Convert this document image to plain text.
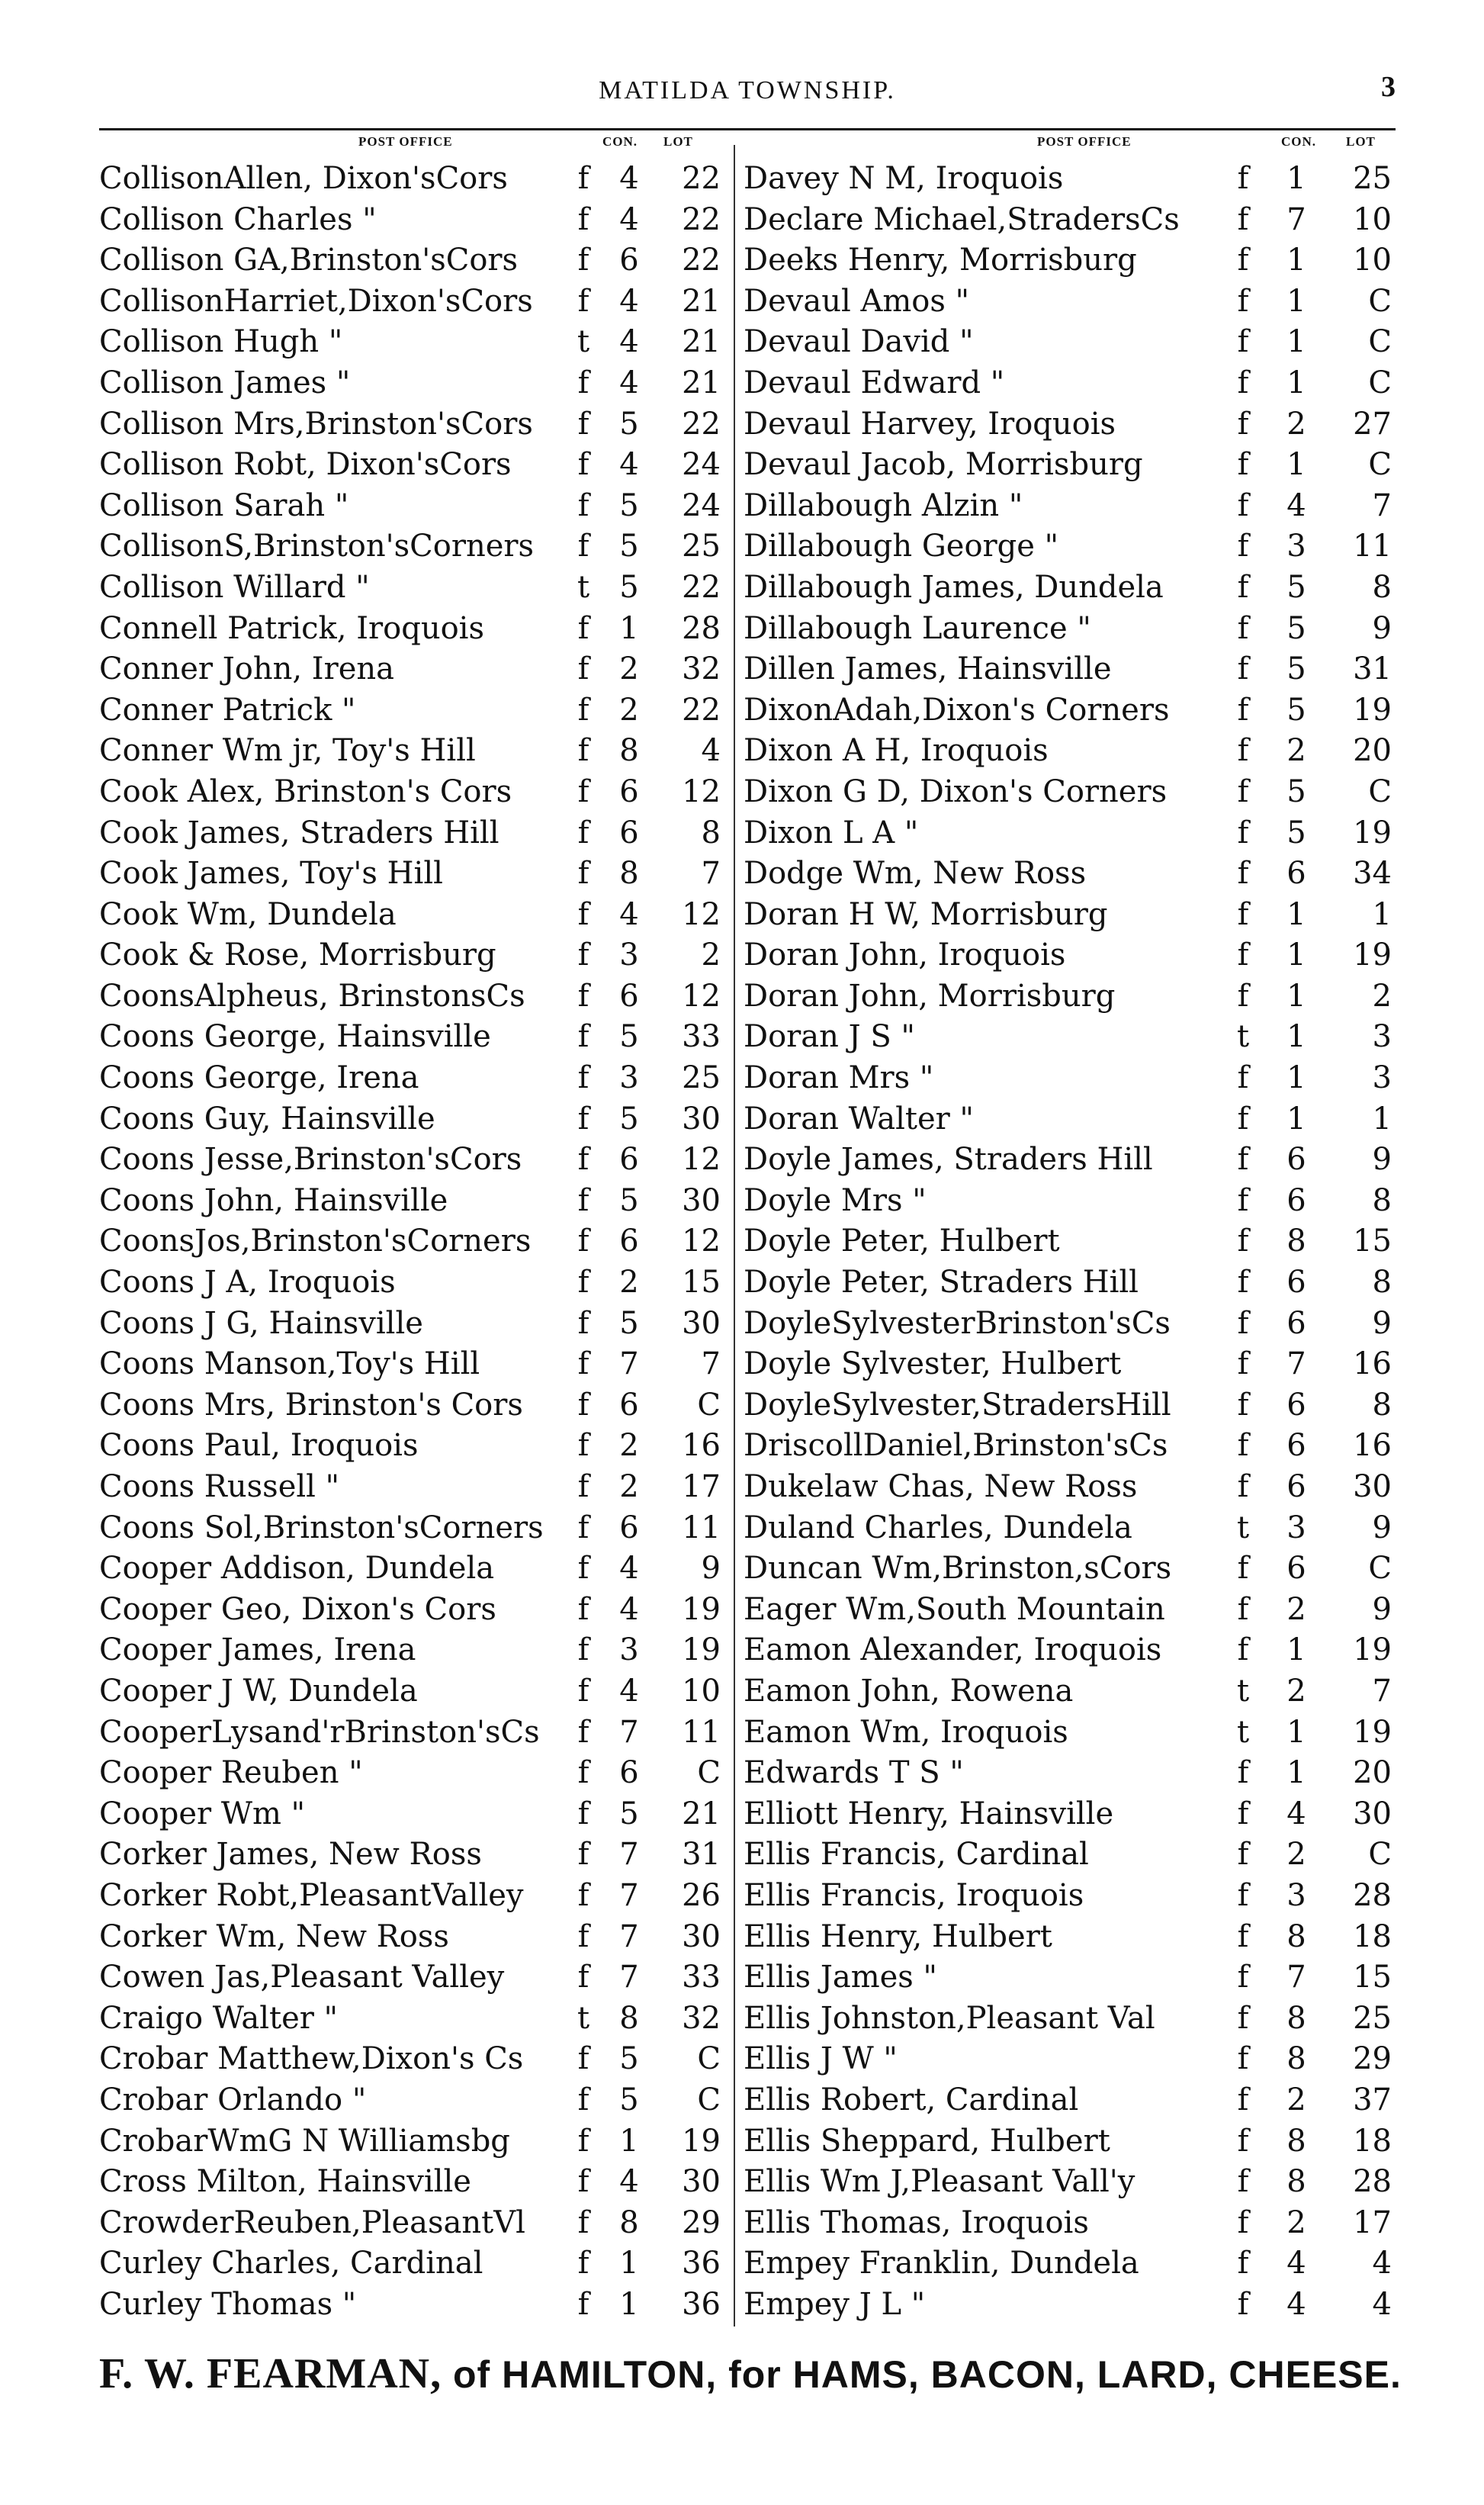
MATILDA TOWNSHIP.	3
POST OFFICE	CON. LOT	POST OFFICE	CON. LOT
CollisonAllen, Dixon'sCors	f 4	22
Collison Charles "	f 4	22
Collison GA,Brinston'sCors	f 6	22
CollisonHarriet,Dixon'sCors	f 4	21
Collison Hugh "	t 4	21
Collison James "	f 4	21
Collison Mrs,Brinston'sCors	f 5	22
Collison Robt, Dixon'sCors	f 4	24
Collison Sarah "	f 5	24
CollisonS,Brinston'sCorners	f 5	25
Collison Willard "	t 5	22
Connell Patrick, Iroquois	f 1	28
Conner John, Irena	f 2	32
Conner Patrick "	f 2	22
Conner Wm jr, Toy's Hill	f 8	4
Cook Alex, Brinston's Cors	f 6	12
Cook James, Straders Hill	f 6	8
Cook James, Toy's Hill	f 8	7
Cook Wm, Dundela	f 4	12
Cook & Rose, Morrisburg	f 3	2
CoonsAlpheus, BrinstonsCs	f 6	12
Coons George, Hainsville	f 5	33
Coons George, Irena	f 3	25
Coons Guy, Hainsville	f 5	30
Coons Jesse,Brinston'sCors	f 6	12
Coons John, Hainsville	f 5	30
CoonsJos,Brinston'sCorners	f 6	12
Coons J A, Iroquois	f 2	15
Coons J G, Hainsville	f 5	30
Coons Manson,Toy's Hill	f 7	7
Coons Mrs, Brinston's Cors	f 6	C
Coons Paul, Iroquois	f 2	16
Coons Russell "	f 2	17
Coons Sol,Brinston'sCorners	f 6	11
Cooper Addison, Dundela	f 4	9
Cooper Geo, Dixon's Cors	f 4	19
Cooper James, Irena	f 3	19
Cooper J W, Dundela	f 4	10
CooperLysand'rBrinston'sCs	f 7	11
Cooper Reuben "	f 6	C
Cooper Wm "	f 5	21
Corker James, New Ross	f 7	31
Corker Robt,PleasantValley	f 7	26
Corker Wm, New Ross	f 7	30
Cowen Jas,Pleasant Valley	f 7	33
Craigo Walter "	t 8	32
Crobar Matthew,Dixon's Cs	f 5	C
Crobar Orlando "	f 5	C
CrobarWmG N Williamsbg	f 1	19
Cross Milton, Hainsville	f 4	30
CrowderReuben,PleasantVl	f 8	29
Curley Charles, Cardinal	f 1	36
Curley Thomas "	f 1	36
Davey N M, Iroquois	f	1	25
Declare Michael,StradersCs	f	7	10
Deeks Henry, Morrisburg	f	1	10
Devaul Amos "	f	1	C
Devaul David "	f	1	C
Devaul Edward "	f	1	C
Devaul Harvey, Iroquois	f	2	27
Devaul Jacob, Morrisburg	f	1	C
Dillabough Alzin "	f	4	7
Dillabough George "	f	3	11
Dillabough James, Dundela	f	5	8
Dillabough Laurence "	f	5	9
Dillen James, Hainsville	f	5	31
DixonAdah,Dixon's Corners	f	5	19
Dixon A H, Iroquois	f	2	20
Dixon G D, Dixon's Corners	f	5	C
Dixon L A "	f	5	19
Dodge Wm, New Ross	f	6	34
Doran H W, Morrisburg	f	1	1
Doran John, Iroquois	f	1	19
Doran John, Morrisburg	f	1	2
Doran J S "	t	1	3
Doran Mrs "	f	1	3
Doran Walter "	f	1	1
Doyle James, Straders Hill	f	6	9
Doyle Mrs "	f	6	8
Doyle Peter, Hulbert	f	8	15
Doyle Peter, Straders Hill	f	6	8
DoyleSylvesterBrinston'sCs	f	6	9
Doyle Sylvester, Hulbert	f	7	16
DoyleSylvester,StradersHill	f	6	8
DriscollDaniel,Brinston'sCs	f	6	16
Dukelaw Chas, New Ross	f	6	30
Duland Charles, Dundela	t	3	9
Duncan Wm,Brinston,sCors	f	6	C
Eager Wm,South Mountain	f	2	9
Eamon Alexander, Iroquois	f	1	19
Eamon John, Rowena	t	2	7
Eamon Wm, Iroquois	t	1	19
Edwards T S "	f	1	20
Elliott Henry, Hainsville	f	4	30
Ellis Francis, Cardinal	f	2	C
Ellis Francis, Iroquois	f	3	28
Ellis Henry, Hulbert	f	8	18
Ellis James "	f	7	15
Ellis Johnston,Pleasant Val	f	8	25
Ellis J W "	f	8	29
Ellis Robert, Cardinal	f	2	37
Ellis Sheppard, Hulbert	f	8	18
Ellis Wm J,Pleasant Vall'y	f	8	28
Ellis Thomas, Iroquois	f	2	17
Empey Franklin, Dundela	f	4	4
Empey J L "	f	4	4
F. W. FEARMAN, of HAMILTON, for HAMS, BACON, LARD, CHEESE.
